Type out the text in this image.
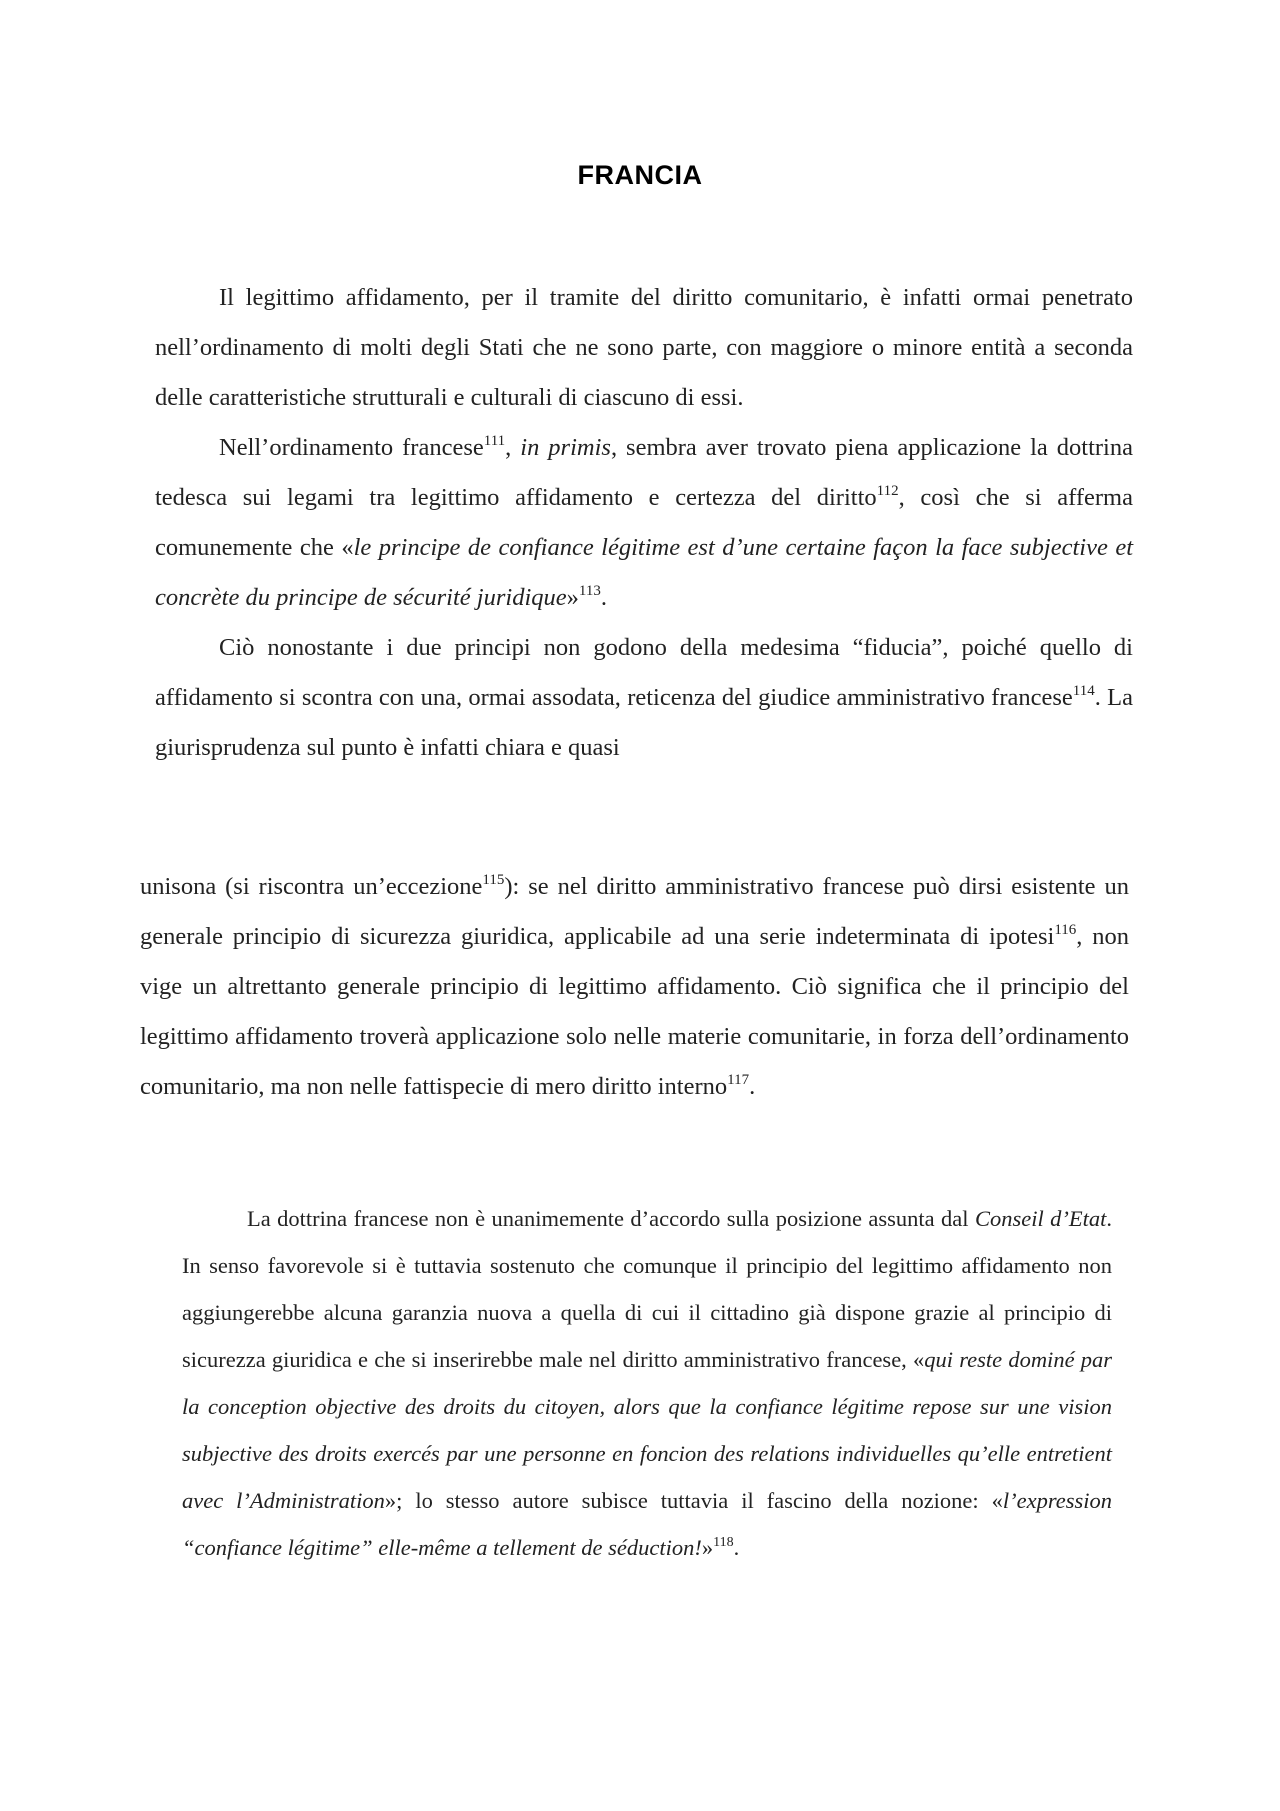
FRANCIA

Il legittimo affidamento, per il tramite del diritto comunitario, è infatti ormai penetrato nell’ordinamento di molti degli Stati che ne sono parte, con maggiore o minore entità a seconda delle caratteristiche strutturali e culturali di ciascuno di essi.

Nell’ordinamento francese$^{111}$, in primis, sembra aver trovato piena applicazione la dottrina tedesca sui legami tra legittimo affidamento e certezza del diritto$^{112}$, così che si afferma comunemente che «le principe de confiance légitime est d’une certaine façon la face subjective et concrète du principe de sécurité juridique»$^{113}$.

Ciò nonostante i due principi non godono della medesima “fiducia”, poiché quello di affidamento si scontra con una, ormai assodata, reticenza del giudice amministrativo francese$^{114}$. La giurisprudenza sul punto è infatti chiara e quasi

unisona (si riscontra un’eccezione$^{115}$): se nel diritto amministrativo francese può dirsi esistente un generale principio di sicurezza giuridica, applicabile ad una serie indeterminata di ipotesi$^{116}$, non vige un altrettanto generale principio di legittimo affidamento. Ciò significa che il principio del legittimo affidamento troverà applicazione solo nelle materie comunitarie, in forza dell’ordinamento comunitario, ma non nelle fattispecie di mero diritto interno$^{117}$.

La dottrina francese non è unanimemente d’accordo sulla posizione assunta dal Conseil d’Etat. In senso favorevole si è tuttavia sostenuto che comunque il principio del legittimo affidamento non aggiungerebbe alcuna garanzia nuova a quella di cui il cittadino già dispone grazie al principio di sicurezza giuridica e che si inserirebbe male nel diritto amministrativo francese, «qui reste dominé par la conception objective des droits du citoyen, alors que la confiance légitime repose sur une vision subjective des droits exercés par une personne en foncion des relations individuelles qu’elle entretient avec l’Administration»; lo stesso autore subisce tuttavia il fascino della nozione: «l’expression “confiance légitime” elle-même a tellement de séduction!»$^{118}$.
